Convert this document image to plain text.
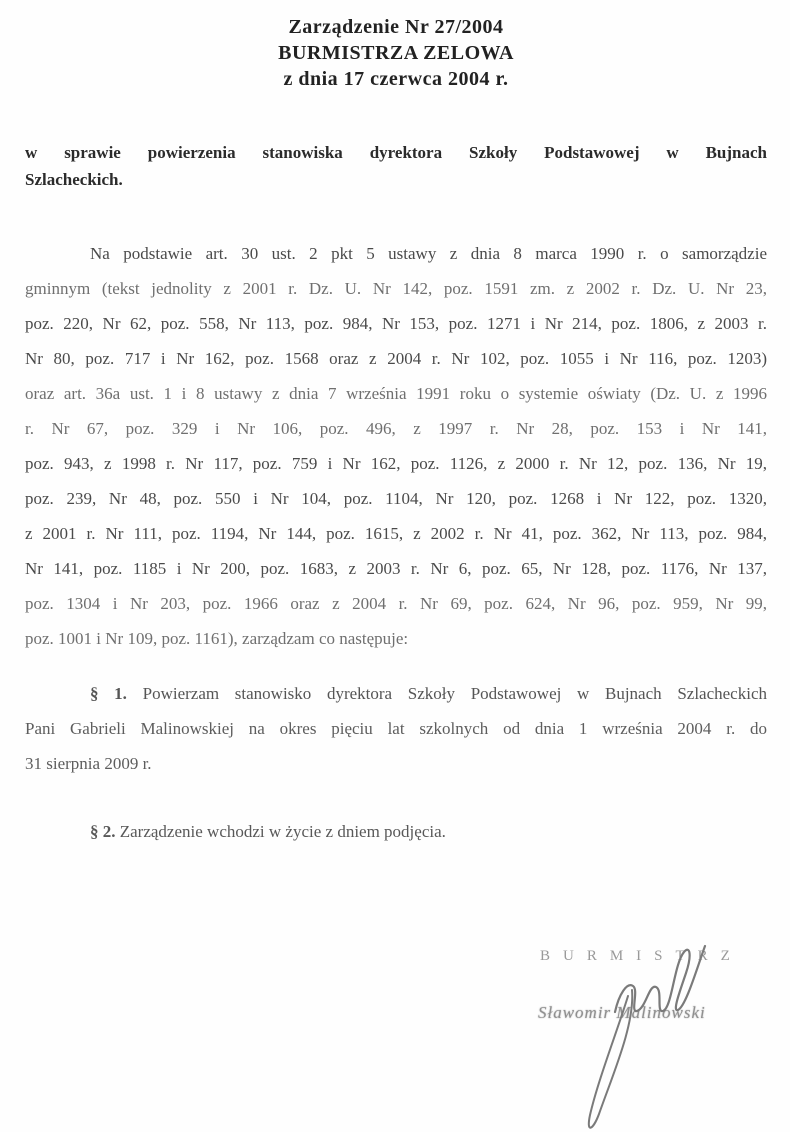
Zarządzenie Nr 27/2004
BURMISTRZA ZELOWA
z dnia 17 czerwca 2004 r.
w sprawie powierzenia stanowiska dyrektora Szkoły Podstawowej w Bujnach
Szlacheckich.
Na podstawie art. 30 ust. 2 pkt 5 ustawy z dnia 8 marca 1990 r. o samorządzie
gminnym (tekst jednolity z 2001 r. Dz. U. Nr 142, poz. 1591 zm. z 2002 r. Dz. U. Nr 23,
poz. 220, Nr 62, poz. 558, Nr 113, poz. 984, Nr 153, poz. 1271 i Nr 214, poz. 1806, z 2003 r.
Nr 80, poz. 717 i Nr 162, poz. 1568 oraz z 2004 r. Nr 102, poz. 1055 i Nr 116, poz. 1203)
oraz art. 36a ust. 1 i 8 ustawy z dnia 7 września 1991 roku o systemie oświaty (Dz. U. z 1996
r. Nr 67, poz. 329 i Nr 106, poz. 496, z 1997 r. Nr 28, poz. 153 i Nr 141,
poz. 943, z 1998 r. Nr 117, poz. 759 i Nr 162, poz. 1126, z 2000 r. Nr 12, poz. 136, Nr 19,
poz. 239, Nr 48, poz. 550 i Nr 104, poz. 1104, Nr 120, poz. 1268 i Nr 122, poz. 1320,
z 2001 r. Nr 111, poz. 1194, Nr 144, poz. 1615, z 2002 r. Nr 41, poz. 362, Nr 113, poz. 984,
Nr 141, poz. 1185 i Nr 200, poz. 1683, z 2003 r. Nr 6, poz. 65, Nr 128, poz. 1176, Nr 137,
poz. 1304 i Nr 203, poz. 1966 oraz z 2004 r. Nr 69, poz. 624, Nr 96, poz. 959, Nr 99,
poz. 1001 i Nr 109, poz. 1161), zarządzam co następuje:
§ 1. Powierzam stanowisko dyrektora Szkoły Podstawowej w Bujnach Szlacheckich
Pani Gabrieli Malinowskiej na okres pięciu lat szkolnych od dnia 1 września 2004 r. do
31 sierpnia 2009 r.
§ 2. Zarządzenie wchodzi w życie z dniem podjęcia.
BURMISTRZ
Sławomir Malinowski
